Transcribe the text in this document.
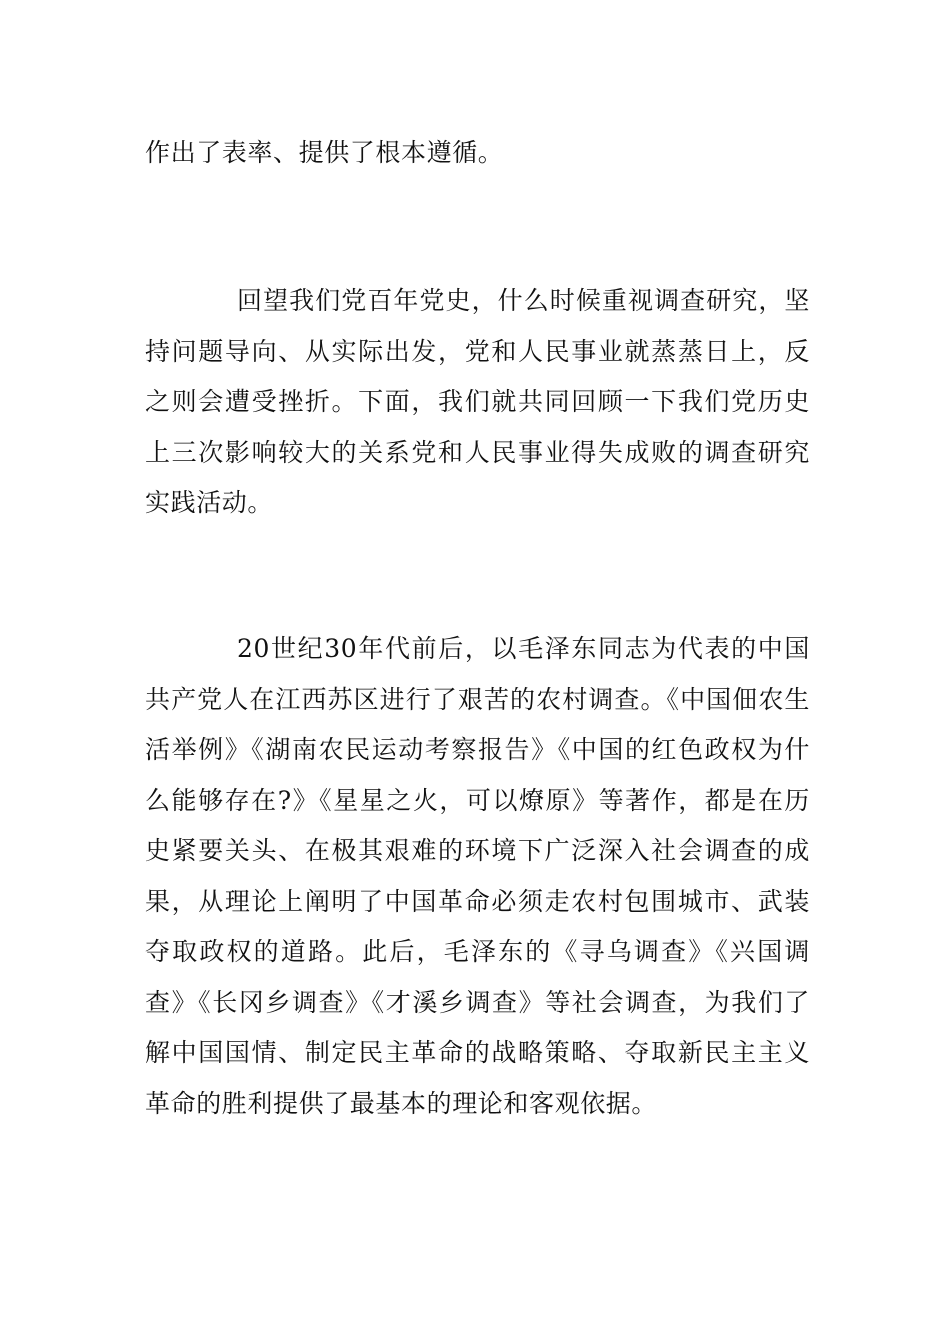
作出了表率、提供了根本遵循。

回望我们党百年党史，什么时候重视调查研究，坚持问题导向、从实际出发，党和人民事业就蒸蒸日上，反之则会遭受挫折。下面，我们就共同回顾一下我们党历史上三次影响较大的关系党和人民事业得失成败的调查研究实践活动。

20世纪30年代前后，以毛泽东同志为代表的中国共产党人在江西苏区进行了艰苦的农村调查。《中国佃农生活举例》《湖南农民运动考察报告》《中国的红色政权为什么能够存在?》《星星之火，可以燎原》等著作，都是在历史紧要关头、在极其艰难的环境下广泛深入社会调查的成果，从理论上阐明了中国革命必须走农村包围城市、武装夺取政权的道路。此后，毛泽东的《寻乌调查》《兴国调查》《长冈乡调查》《才溪乡调查》等社会调查，为我们了解中国国情、制定民主革命的战略策略、夺取新民主主义革命的胜利提供了最基本的理论和客观依据。
